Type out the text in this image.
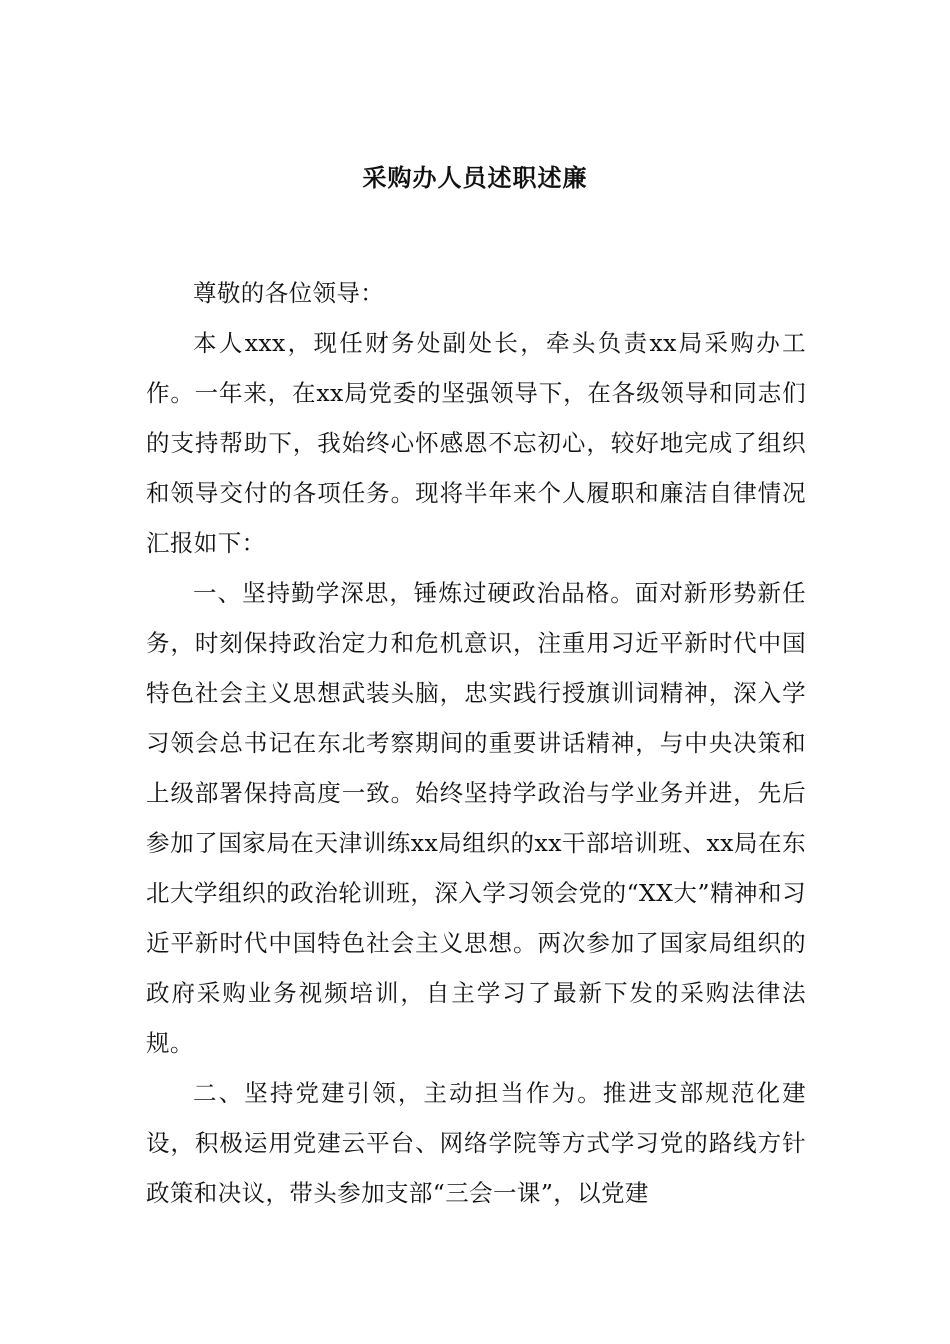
采购办人员述职述廉

尊敬的各位领导：

本人xxx，现任财务处副处长，牵头负责xx局采购办工作。一年来，在xx局党委的坚强领导下，在各级领导和同志们的支持帮助下，我始终心怀感恩不忘初心，较好地完成了组织和领导交付的各项任务。现将半年来个人履职和廉洁自律情况汇报如下：

一、坚持勤学深思，锤炼过硬政治品格。面对新形势新任务，时刻保持政治定力和危机意识，注重用习近平新时代中国特色社会主义思想武装头脑，忠实践行授旗训词精神，深入学习领会总书记在东北考察期间的重要讲话精神，与中央决策和上级部署保持高度一致。始终坚持学政治与学业务并进，先后参加了国家局在天津训练xx局组织的xx干部培训班、xx局在东北大学组织的政治轮训班，深入学习领会党的“XX大”精神和习近平新时代中国特色社会主义思想。两次参加了国家局组织的政府采购业务视频培训，自主学习了最新下发的采购法律法规。

二、坚持党建引领，主动担当作为。推进支部规范化建设，积极运用党建云平台、网络学院等方式学习党的路线方针政策和决议，带头参加支部“三会一课”，以党建
